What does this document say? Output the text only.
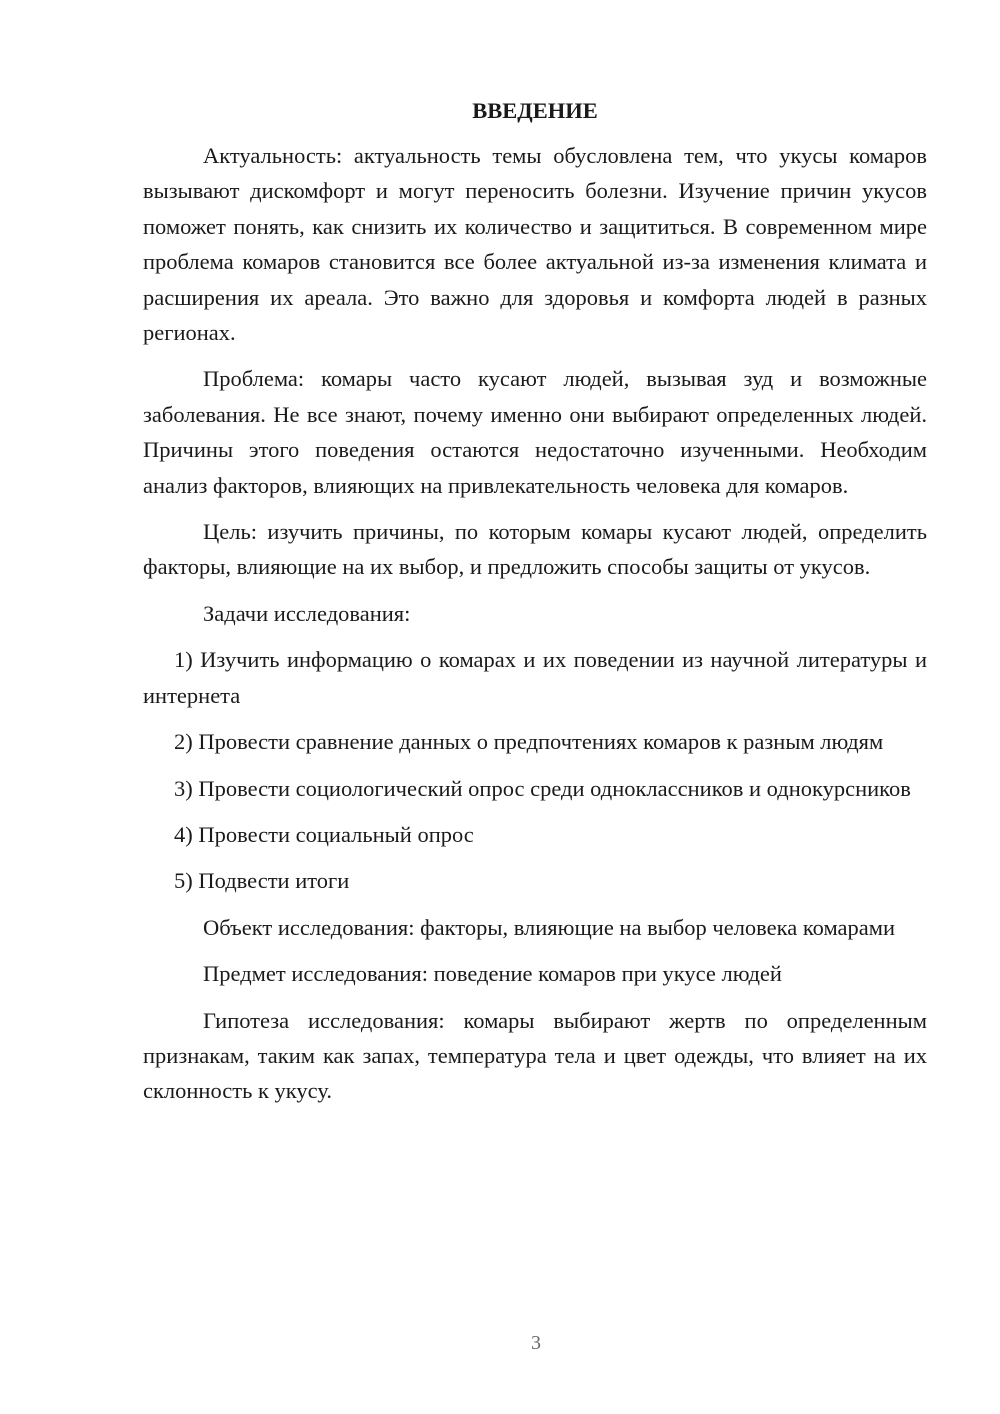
ВВЕДЕНИЕ

Актуальность: актуальность темы обусловлена тем, что укусы комаров вызывают дискомфорт и могут переносить болезни. Изучение причин укусов поможет понять, как снизить их количество и защититься. В современном мире проблема комаров становится все более актуальной из-за изменения климата и расширения их ареала. Это важно для здоровья и комфорта людей в разных регионах.

Проблема: комары часто кусают людей, вызывая зуд и возможные заболевания. Не все знают, почему именно они выбирают определенных людей. Причины этого поведения остаются недостаточно изученными. Необходим анализ факторов, влияющих на привлекательность человека для комаров.

Цель: изучить причины, по которым комары кусают людей, определить факторы, влияющие на их выбор, и предложить способы защиты от укусов.

Задачи исследования:

1) Изучить информацию о комарах и их поведении из научной литературы и интернета

2) Провести сравнение данных о предпочтениях комаров к разным людям

3) Провести социологический опрос среди одноклассников и однокурсников

4) Провести социальный опрос

5) Подвести итоги

Объект исследования: факторы, влияющие на выбор человека комарами

Предмет исследования: поведение комаров при укусе людей

Гипотеза исследования: комары выбирают жертв по определенным признакам, таким как запах, температура тела и цвет одежды, что влияет на их склонность к укусу.

3
